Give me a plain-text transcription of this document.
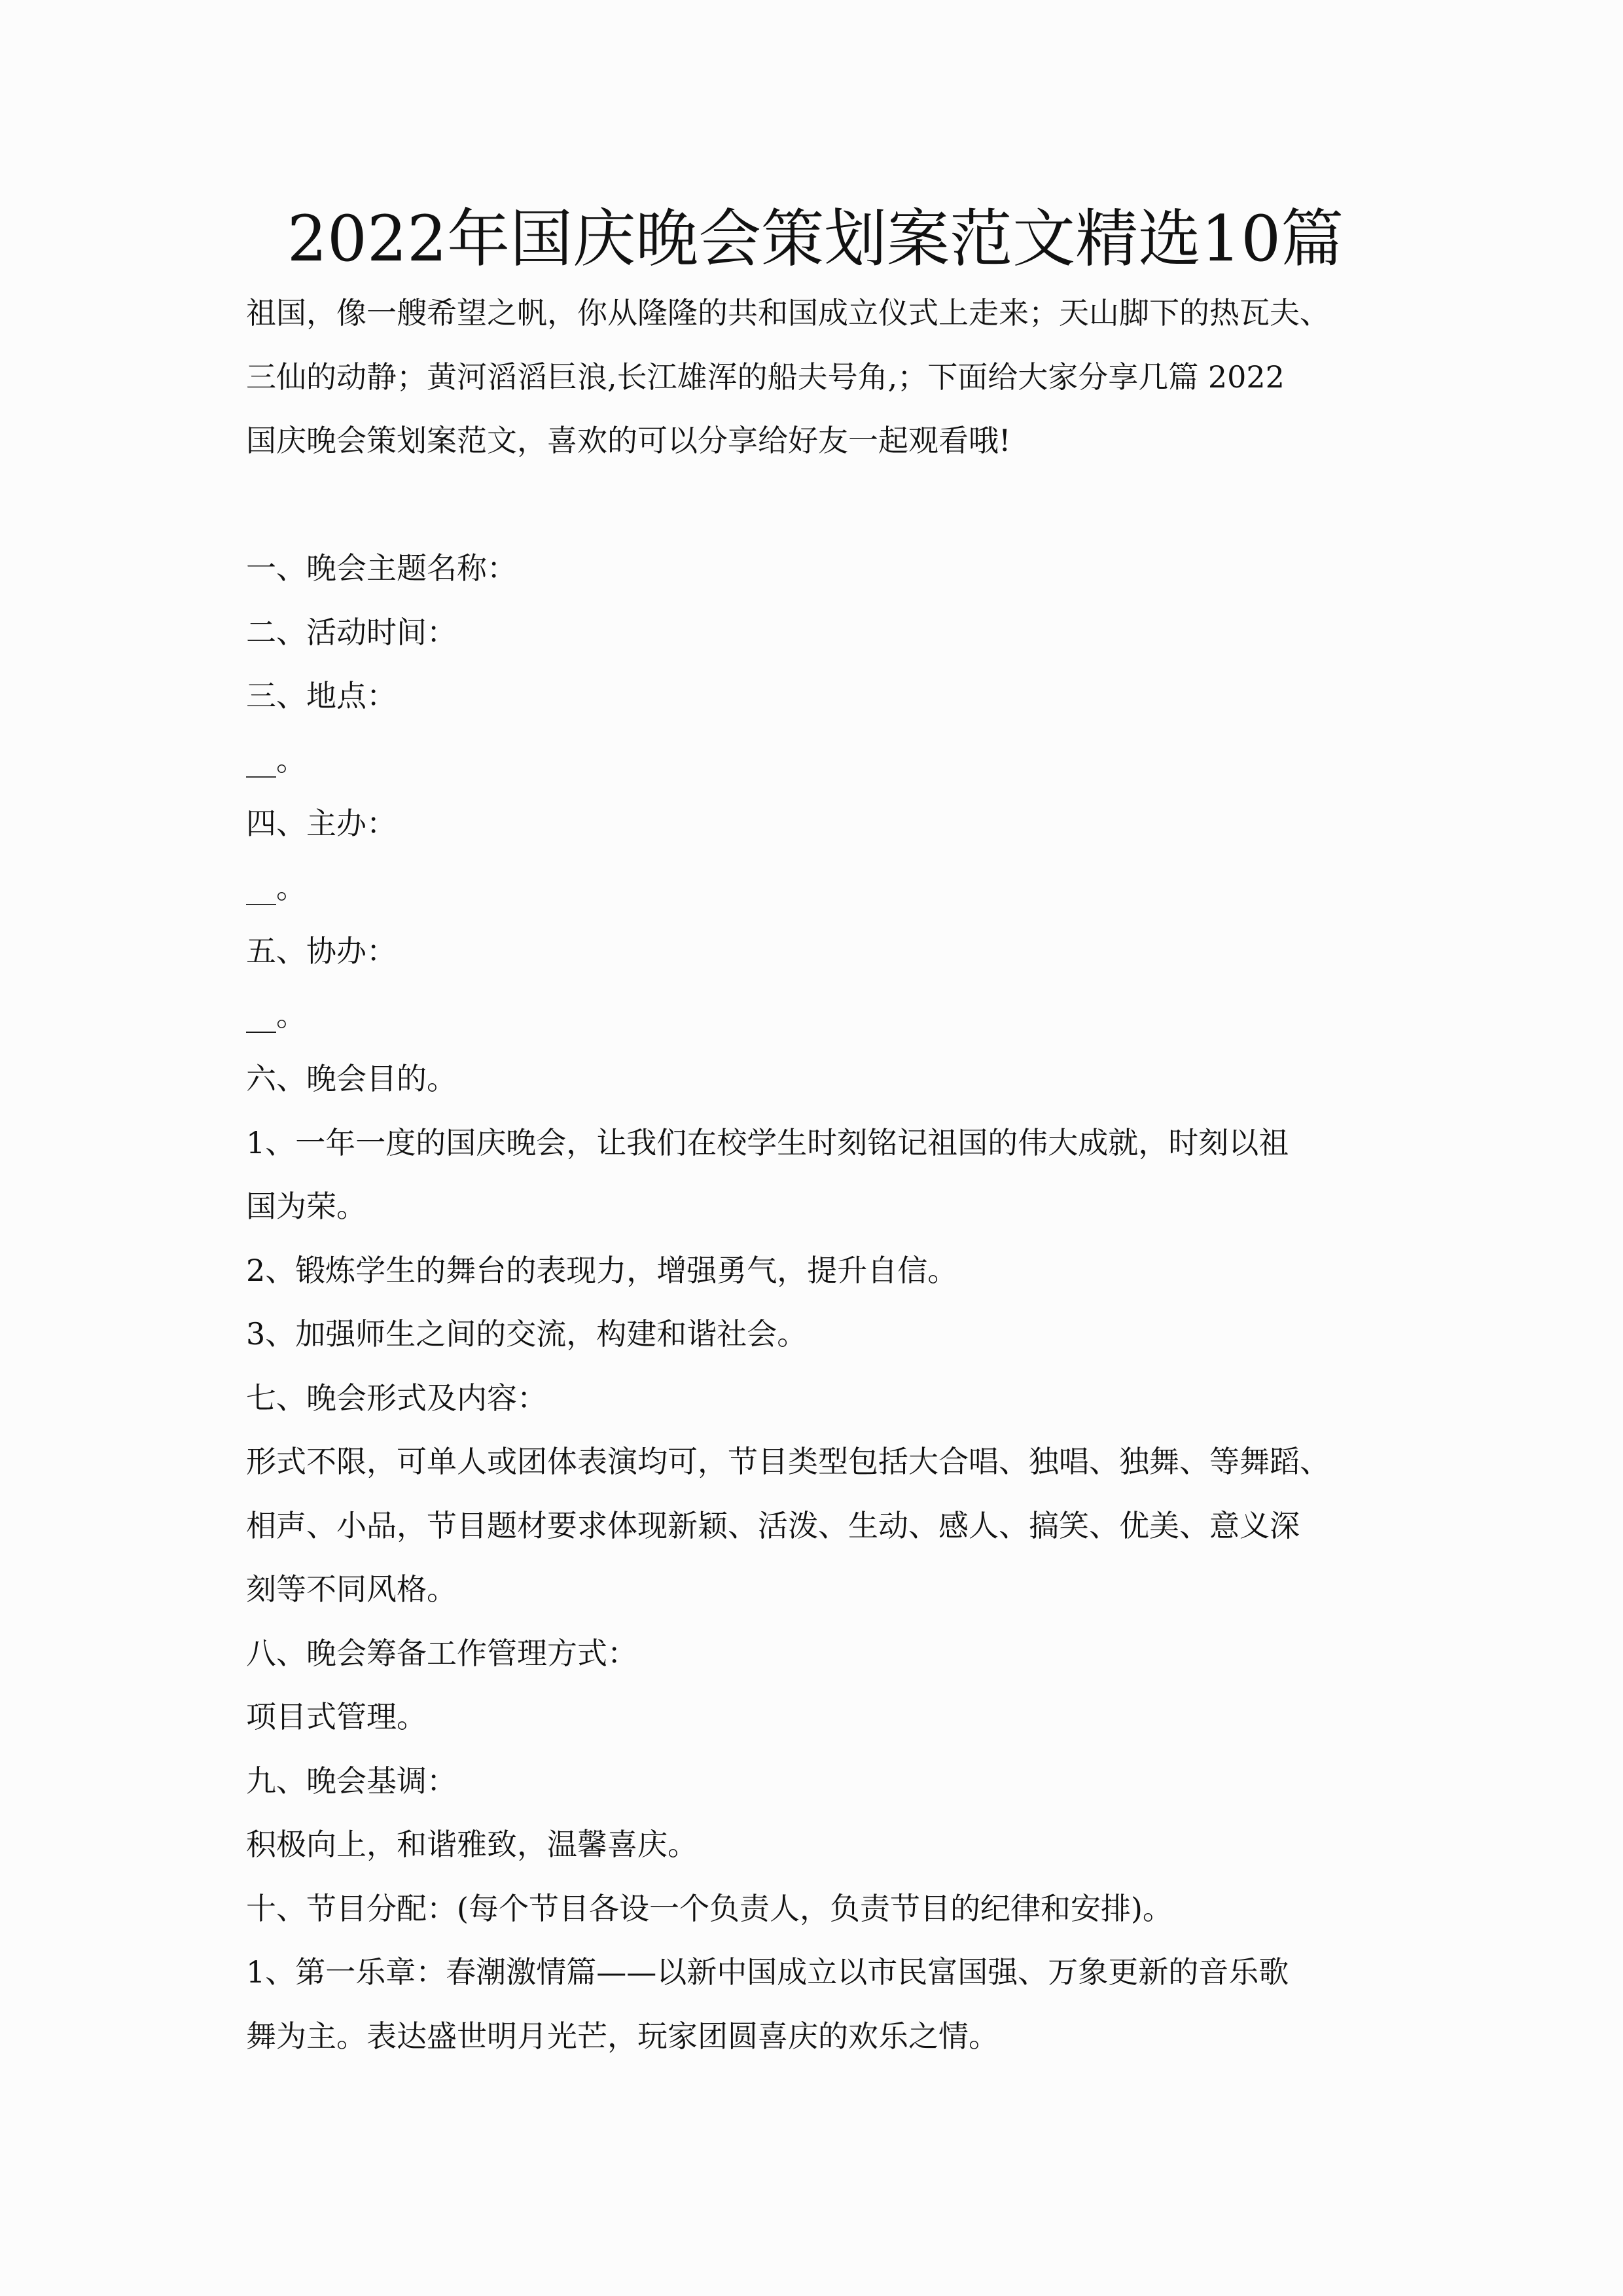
2022年国庆晚会策划案范文精选10篇

祖国，像一艘希望之帆，你从隆隆的共和国成立仪式上走来；天山脚下的热瓦夫、

三仙的动静；黄河滔滔巨浪,长江雄浑的船夫号角,；下面给大家分享几篇 2022

国庆晚会策划案范文，喜欢的可以分享给好友一起观看哦!

一、晚会主题名称：

二、活动时间：

三、地点：

__。

四、主办：

__。

五、协办：

__。

六、晚会目的。

1、一年一度的国庆晚会，让我们在校学生时刻铭记祖国的伟大成就，时刻以祖

国为荣。

2、锻炼学生的舞台的表现力，增强勇气，提升自信。

3、加强师生之间的交流，构建和谐社会。

七、晚会形式及内容：

形式不限，可单人或团体表演均可，节目类型包括大合唱、独唱、独舞、等舞蹈、

相声、小品，节目题材要求体现新颖、活泼、生动、感人、搞笑、优美、意义深

刻等不同风格。

八、晚会筹备工作管理方式：

项目式管理。

九、晚会基调：

积极向上，和谐雅致，温馨喜庆。

十、节目分配：(每个节目各设一个负责人，负责节目的纪律和安排)。

1、第一乐章：春潮激情篇——以新中国成立以市民富国强、万象更新的音乐歌

舞为主。表达盛世明月光芒，玩家团圆喜庆的欢乐之情。
